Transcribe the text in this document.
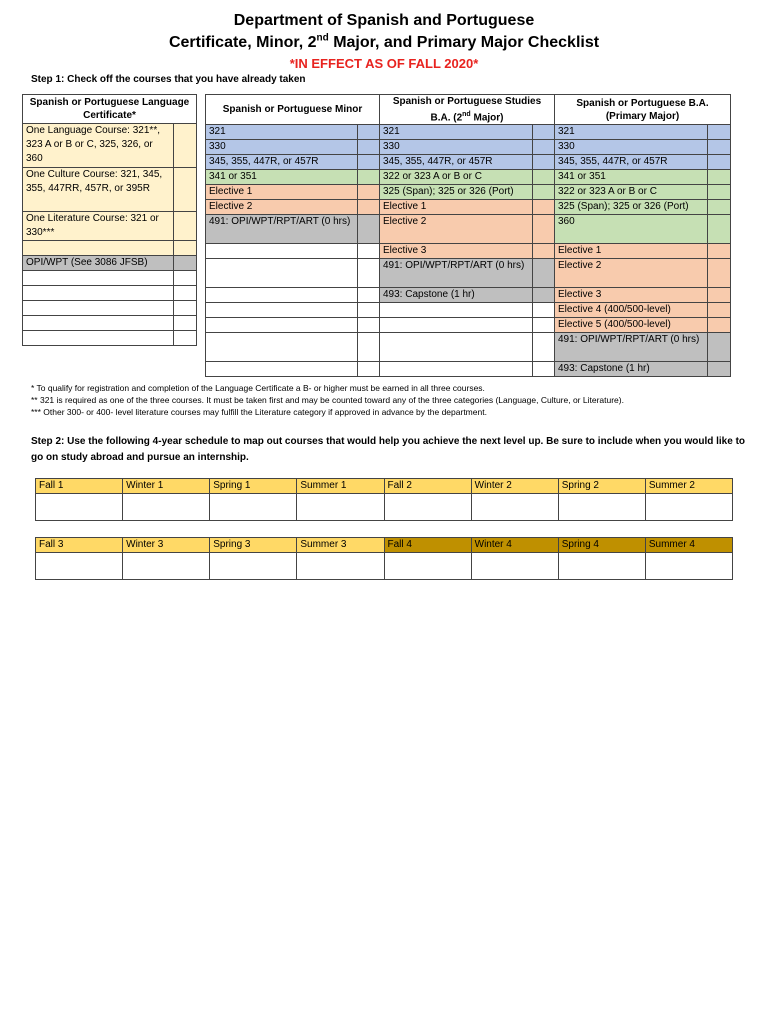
Department of Spanish and Portuguese
Certificate, Minor, 2nd Major, and Primary Major Checklist
*IN EFFECT AS OF FALL 2020*
Step 1: Check off the courses that you have already taken
Spanish or Portuguese Language Certificate*	
One Language Course: 321**, 323 A or B or C, 325, 326, or 360	
One Culture Course: 321, 345, 355, 447RR, 457R, or 395R	
One Literature Course: 321 or 330***	

OPI/WPT (See 3086 JFSB)	

Spanish or Portuguese Minor		Spanish or Portuguese Studies B.A. (2nd Major)		Spanish or Portuguese B.A. (Primary Major)	
321		321		321	
330		330		330	
345, 355, 447R, or 457R		345, 355, 447R, or 457R		345, 355, 447R, or 457R	
341 or 351		322 or 323 A or B or C		341 or 351	
Elective 1		325 (Span); 325 or 326 (Port)		322 or 323 A or B or C	
Elective 2		Elective 1		325 (Span); 325 or 326 (Port)	
491: OPI/WPT/RPT/ART (0 hrs)		Elective 2		360	
		Elective 3		Elective 1	
		491: OPI/WPT/RPT/ART (0 hrs)		Elective 2	
		493: Capstone (1 hr)		Elective 3	
				Elective 4 (400/500-level)	
				Elective 5 (400/500-level)	
				491: OPI/WPT/RPT/ART (0 hrs)	
				493: Capstone (1 hr)	
* To qualify for registration and completion of the Language Certificate a B- or higher must be earned in all three courses.
** 321 is required as one of the three courses. It must be taken first and may be counted toward any of the three categories (Language, Culture, or Literature).
*** Other 300- or 400- level literature courses may fulfill the Literature category if approved in advance by the department.
Step 2: Use the following 4-year schedule to map out courses that would help you achieve the next level up. Be sure to include when you would like to go on study abroad and pursue an internship.
Fall 1	Winter 1	Spring 1	Summer 1	Fall 2	Winter 2	Spring 2	Summer 2

Fall 3	Winter 3	Spring 3	Summer 3	Fall 4	Winter 4	Spring 4	Summer 4
